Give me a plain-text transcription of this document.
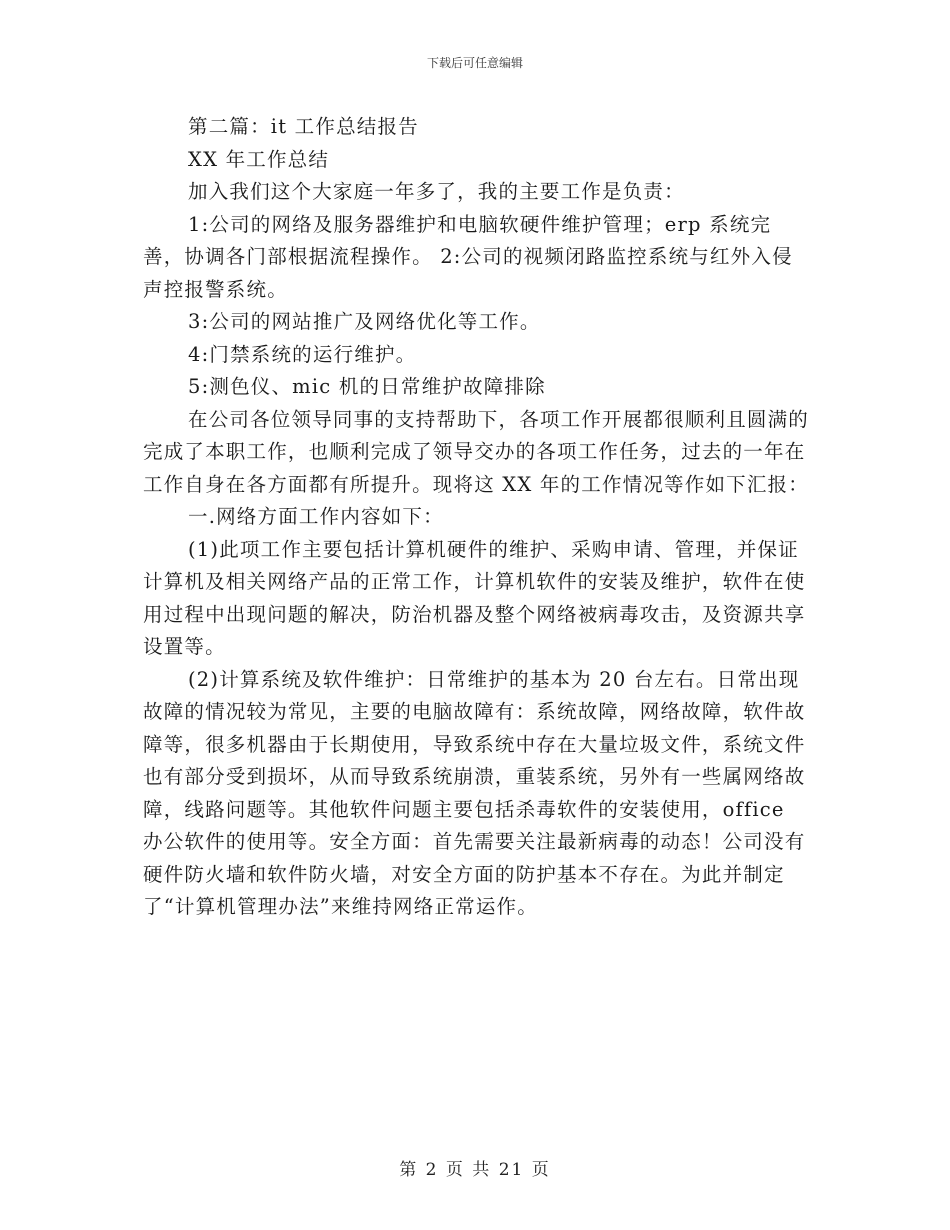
下载后可任意编辑

第二篇：it 工作总结报告

XX 年工作总结

加入我们这个大家庭一年多了，我的主要工作是负责：

1:公司的网络及服务器维护和电脑软硬件维护管理；erp 系统完善，协调各门部根据流程操作。 2:公司的视频闭路监控系统与红外入侵声控报警系统。

3:公司的网站推广及网络优化等工作。

4:门禁系统的运行维护。

5:测色仪、mic 机的日常维护故障排除

在公司各位领导同事的支持帮助下，各项工作开展都很顺利且圆满的完成了本职工作，也顺利完成了领导交办的各项工作任务，过去的一年在工作自身在各方面都有所提升。现将这 XX 年的工作情况等作如下汇报：

一.网络方面工作内容如下：

(1)此项工作主要包括计算机硬件的维护、采购申请、管理，并保证计算机及相关网络产品的正常工作，计算机软件的安装及维护，软件在使用过程中出现问题的解决，防治机器及整个网络被病毒攻击，及资源共享设置等。

(2)计算系统及软件维护：日常维护的基本为 20 台左右。日常出现故障的情况较为常见，主要的电脑故障有：系统故障，网络故障，软件故障等，很多机器由于长期使用，导致系统中存在大量垃圾文件，系统文件也有部分受到损坏，从而导致系统崩溃，重装系统，另外有一些属网络故障，线路问题等。其他软件问题主要包括杀毒软件的安装使用，office 办公软件的使用等。安全方面：首先需要关注最新病毒的动态！公司没有硬件防火墙和软件防火墙，对安全方面的防护基本不存在。为此并制定了“计算机管理办法”来维持网络正常运作。

第 2 页 共 21 页
